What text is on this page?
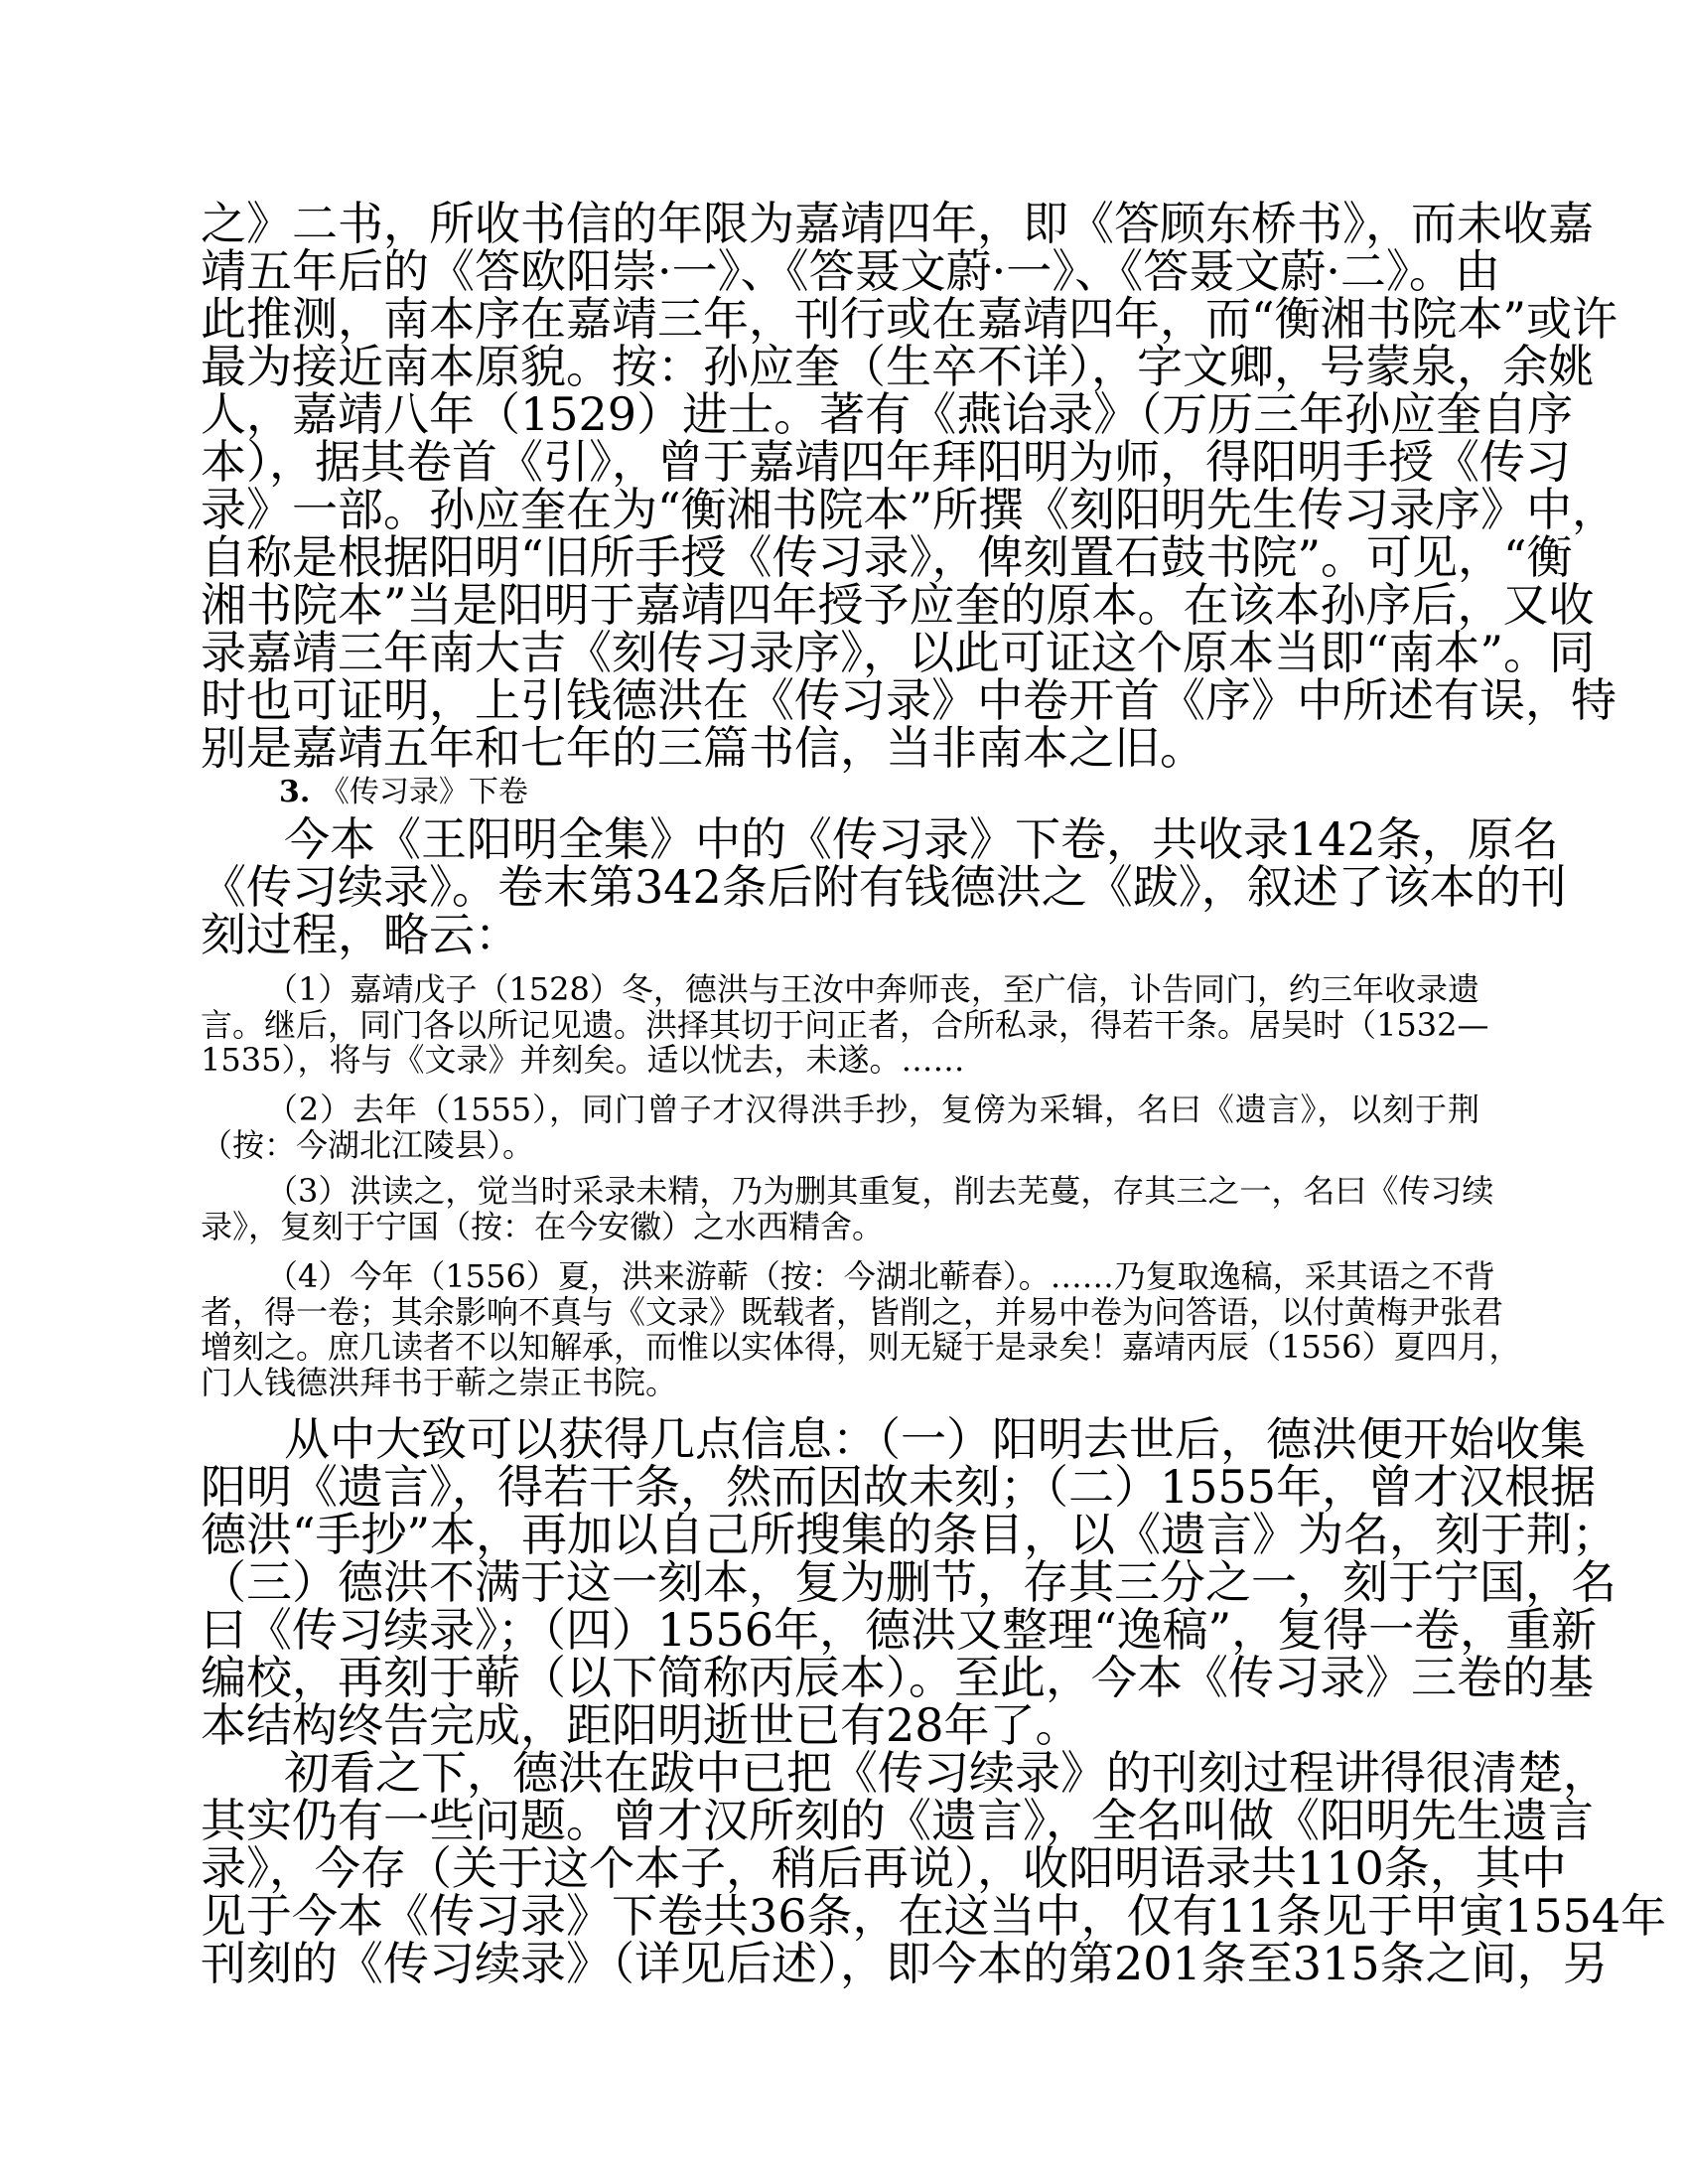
之》二书，所收书信的年限为嘉靖四年，即《答顾东桥书》，而未收嘉
靖五年后的《答欧阳崇·一》、《答聂文蔚·一》、《答聂文蔚·二》。由
此推测，南本序在嘉靖三年，刊行或在嘉靖四年，而“衡湘书院本”或许
最为接近南本原貌。按：孙应奎（生卒不详），字文卿，号蒙泉，余姚
人，嘉靖八年（1529）进士。著有《燕诒录》（万历三年孙应奎自序
本），据其卷首《引》，曾于嘉靖四年拜阳明为师，得阳明手授《传习
录》一部。孙应奎在为“衡湘书院本”所撰《刻阳明先生传习录序》中，
自称是根据阳明“旧所手授《传习录》，俾刻置石鼓书院”。可见，“衡
湘书院本”当是阳明于嘉靖四年授予应奎的原本。在该本孙序后，又收
录嘉靖三年南大吉《刻传习录序》，以此可证这个原本当即“南本”。同
时也可证明，上引钱德洪在《传习录》中卷开首《序》中所述有误，特
别是嘉靖五年和七年的三篇书信，当非南本之旧。
3. 《传习录》下卷
今本《王阳明全集》中的《传习录》下卷，共收录142条，原名
《传习续录》。卷末第342条后附有钱德洪之《跋》，叙述了该本的刊
刻过程，略云：
（1）嘉靖戊子（1528）冬，德洪与王汝中奔师丧，至广信，讣告同门，约三年收录遗
言。继后，同门各以所记见遗。洪择其切于问正者，合所私录，得若干条。居吴时（1532—
1535），将与《文录》并刻矣。适以忧去，未遂。……
（2）去年（1555），同门曾子才汉得洪手抄，复傍为采辑，名曰《遗言》，以刻于荆
（按：今湖北江陵县）。
（3）洪读之，觉当时采录未精，乃为删其重复，削去芜蔓，存其三之一，名曰《传习续
录》，复刻于宁国（按：在今安徽）之水西精舍。
（4）今年（1556）夏，洪来游蕲（按：今湖北蕲春）。……乃复取逸稿，采其语之不背
者，得一卷；其余影响不真与《文录》既载者，皆削之，并易中卷为问答语，以付黄梅尹张君
增刻之。庶几读者不以知解承，而惟以实体得，则无疑于是录矣！嘉靖丙辰（1556）夏四月，
门人钱德洪拜书于蕲之崇正书院。
从中大致可以获得几点信息：（一）阳明去世后，德洪便开始收集
阳明《遗言》，得若干条，然而因故未刻；（二）1555年，曾才汉根据
德洪“手抄”本，再加以自己所搜集的条目，以《遗言》为名，刻于荆；
（三）德洪不满于这一刻本，复为删节，存其三分之一，刻于宁国，名
曰《传习续录》；（四）1556年，德洪又整理“逸稿”，复得一卷，重新
编校，再刻于蕲（以下简称丙辰本）。至此，今本《传习录》三卷的基
本结构终告完成，距阳明逝世已有28年了。
初看之下，德洪在跋中已把《传习续录》的刊刻过程讲得很清楚，
其实仍有一些问题。曾才汉所刻的《遗言》，全名叫做《阳明先生遗言
录》，今存（关于这个本子，稍后再说），收阳明语录共110条，其中
见于今本《传习录》下卷共36条，在这当中，仅有11条见于甲寅1554年
刊刻的《传习续录》（详见后述），即今本的第201条至315条之间，另
